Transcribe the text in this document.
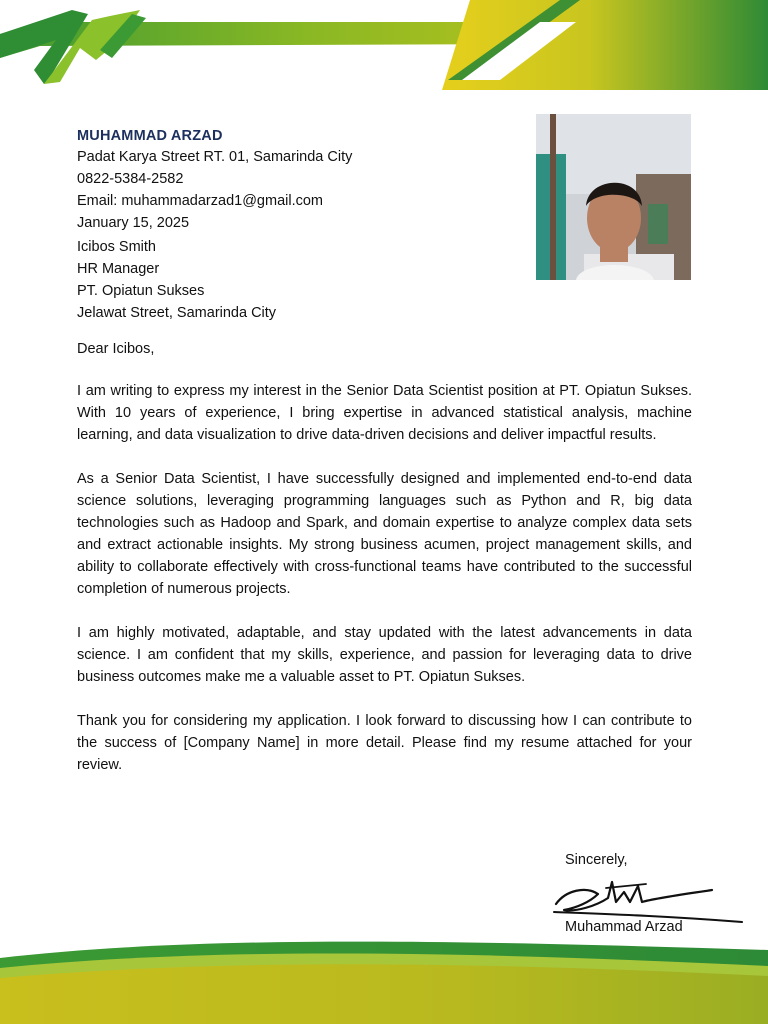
MUHAMMAD ARZAD
Padat Karya Street RT. 01, Samarinda City
0822-5384-2582
Email: muhammadarzad1@gmail.com
January 15, 2025
Icibos Smith
HR Manager
PT. Opiatun Sukses
Jelawat Street, Samarinda City
Dear Icibos,

I am writing to express my interest in the Senior Data Scientist position at PT. Opiatun Sukses. With 10 years of experience, I bring expertise in advanced statistical analysis, machine learning, and data visualization to drive data-driven decisions and deliver impactful results.

As a Senior Data Scientist, I have successfully designed and implemented end-to-end data science solutions, leveraging programming languages such as Python and R, big data technologies such as Hadoop and Spark, and domain expertise to analyze complex data sets and extract actionable insights. My strong business acumen, project management skills, and ability to collaborate effectively with cross-functional teams have contributed to the successful completion of numerous projects.

I am highly motivated, adaptable, and stay updated with the latest advancements in data science. I am confident that my skills, experience, and passion for leveraging data to drive business outcomes make me a valuable asset to PT. Opiatun Sukses.

Thank you for considering my application. I look forward to discussing how I can contribute to the success of [Company Name] in more detail. Please find my resume attached for your review.

Sincerely,
Muhammad Arzad
